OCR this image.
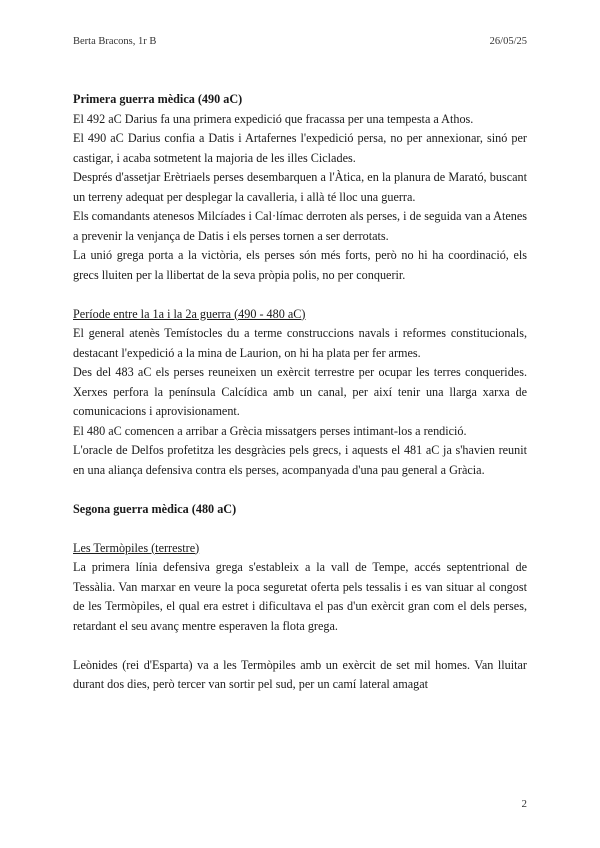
Berta Bracons, 1r B	26/05/25

Primera guerra mèdica (490 aC)

El 492 aC Darius fa una primera expedició que fracassa per una tempesta a Athos.

El 490 aC Darius confia a Datis i Artafernes l'expedició persa, no per annexionar, sinó per castigar, i acaba sotmetent la majoria de les illes Ciclades.

Després d'assetjar Erètriaels perses desembarquen a l'Àtica, en la planura de Marató, buscant un terreny adequat per desplegar la cavalleria, i allà té lloc una guerra.

Els comandants atenesos Milcíades i Cal·límac derroten als perses, i de seguida van a Atenes a prevenir la venjança de Datis i els perses tornen a ser derrotats.

La unió grega porta a la victòria, els perses són més forts, però no hi ha coordinació, els grecs lluiten per la llibertat de la seva pròpia polis, no per conquerir.

Període entre la 1a i la 2a guerra (490 - 480 aC)

El general atenès Temístocles du a terme construccions navals i reformes constitucionals, destacant l'expedició a la mina de Laurion, on hi ha plata per fer armes.

Des del 483 aC els perses reuneixen un exèrcit terrestre per ocupar les terres conquerides. Xerxes perfora la península Calcídica amb un canal, per així tenir una llarga xarxa de comunicacions i aprovisionament.

El 480 aC comencen a arribar a Grècia missatgers perses intimant-los a rendició.

L'oracle de Delfos profetitza les desgràcies pels grecs, i aquests el 481 aC ja s'havien reunit en una aliança defensiva contra els perses, acompanyada d'una pau general a Gràcia.

Segona guerra mèdica (480 aC)

Les Termòpiles (terrestre)

La primera línia defensiva grega s'estableix a la vall de Tempe, accés septentrional de Tessàlia. Van marxar en veure la poca seguretat oferta pels tessalis i es van situar al congost de les Termòpiles, el qual era estret i dificultava el pas d'un exèrcit gran com el dels perses, retardant el seu avanç mentre esperaven la flota grega.

Leònides (rei d'Esparta) va a les Termòpiles amb un exèrcit de set mil homes. Van lluitar durant dos dies, però tercer van sortir pel sud, per un camí lateral amagat

2
